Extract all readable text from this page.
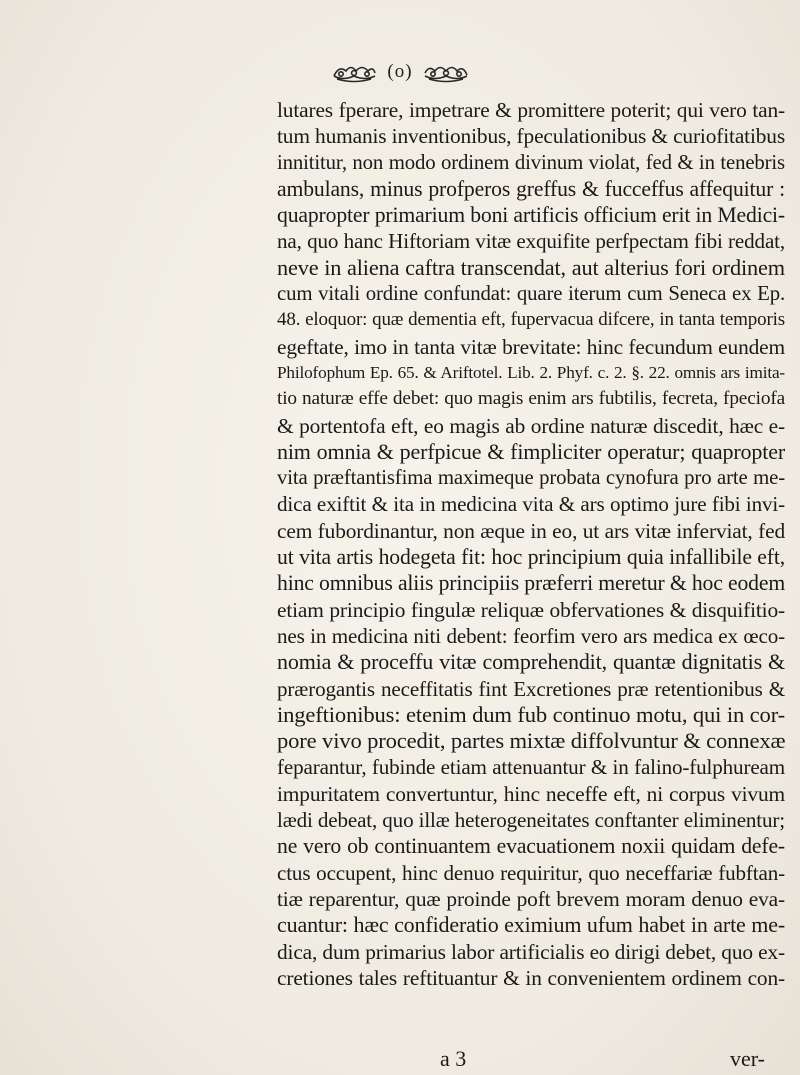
(o)
lutares fperare, impetrare & promittere poterit; qui vero tan-
tum humanis inventionibus, fpeculationibus & curiofitatibus
innititur, non modo ordinem divinum violat, fed & in tenebris
ambulans, minus profperos greffus & fucceffus affequitur :
quapropter primarium boni artificis officium erit in Medici-
na, quo hanc Hiftoriam vitæ exquifite perfpectam fibi reddat,
neve in aliena caftra transcendat, aut alterius fori ordinem
cum vitali ordine confundat: quare iterum cum Seneca ex Ep.
48. eloquor: quæ dementia eft, fupervacua difcere, in tanta temporis
egeftate, imo in tanta vitæ brevitate: hinc fecundum eundem
Philofophum Ep. 65. & Ariftotel. Lib. 2. Phyf. c. 2. §. 22. omnis ars imita-
tio naturæ effe debet: quo magis enim ars fubtilis, fecreta, fpeciofa
& portentofa eft, eo magis ab ordine naturæ discedit, hæc e-
nim omnia & perfpicue & fimpliciter operatur; quapropter
vita præftantisfima maximeque probata cynofura pro arte me-
dica exiftit & ita in medicina vita & ars optimo jure fibi invi-
cem fubordinantur, non æque in eo, ut ars vitæ inferviat, fed
ut vita artis hodegeta fit: hoc principium quia infallibile eft,
hinc omnibus aliis principiis præferri meretur & hoc eodem
etiam principio fingulæ reliquæ obfervationes & disquifitio-
nes in medicina niti debent: feorfim vero ars medica ex œco-
nomia & proceffu vitæ comprehendit, quantæ dignitatis &
prærogantis neceffitatis fint Excretiones præ retentionibus &
ingeftionibus: etenim dum fub continuo motu, qui in cor-
pore vivo procedit, partes mixtæ diffolvuntur & connexæ
feparantur, fubinde etiam attenuantur & in falino-fulphuream
impuritatem convertuntur, hinc neceffe eft, ni corpus vivum
lædi debeat, quo illæ heterogeneitates conftanter eliminentur;
ne vero ob continuantem evacuationem noxii quidam defe-
ctus occupent, hinc denuo requiritur, quo neceffariæ fubftan-
tiæ reparentur, quæ proinde poft brevem moram denuo eva-
cuantur: hæc confideratio eximium ufum habet in arte me-
dica, dum primarius labor artificialis eo dirigi debet, quo ex-
cretiones tales reftituantur & in convenientem ordinem con-
a 3	ver-
